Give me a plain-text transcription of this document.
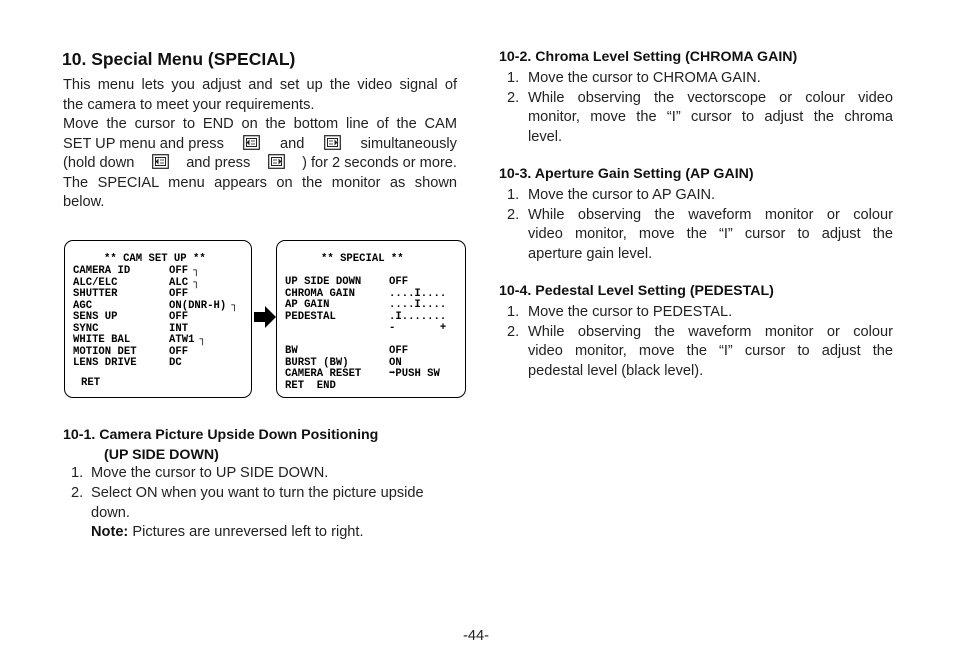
10. Special Menu (SPECIAL)
This menu lets you adjust and set up the video signal of
the camera to meet your requirements.
Move the cursor to END on the bottom line of the CAM
SET UP menu and press	and	simultaneously
(hold down	and press	) for 2 seconds or more.
The SPECIAL menu appears on the monitor as shown
below.
** CAM SET UP **
CAMERA ID	OFF ┐
ALC/ELC	ALC ┐
SHUTTER	OFF
AGC	ON(DNR-H) ┐
SENS UP	OFF
SYNC	INT
WHITE BAL	ATW1 ┐
MOTION DET	OFF
LENS DRIVE	DC
RET
** SPECIAL **
UP SIDE DOWN	OFF
CHROMA GAIN	....I....
AP GAIN	....I....
PEDESTAL	.I.......
-       +
BW	OFF
BURST (BW)	ON
CAMERA RESET	➡PUSH SW
RET  END
10-1. Camera Picture Upside Down Positioning
(UP SIDE DOWN)
1. Move the cursor to UP SIDE DOWN.
2. Select ON when you want to turn the picture upside
down.
Note: Pictures are unreversed left to right.
10-2. Chroma Level Setting (CHROMA GAIN)
1. Move the cursor to CHROMA GAIN.
2. While observing the vectorscope or colour video
monitor, move the “I” cursor to adjust the chroma
level.
10-3. Aperture Gain Setting (AP GAIN)
1. Move the cursor to AP GAIN.
2. While observing the waveform monitor or colour
video monitor, move the “I” cursor to adjust the
aperture gain level.
10-4. Pedestal Level Setting (PEDESTAL)
1. Move the cursor to PEDESTAL.
2. While observing the waveform monitor or colour
video monitor, move the “I” cursor to adjust the
pedestal level (black level).
-44-
